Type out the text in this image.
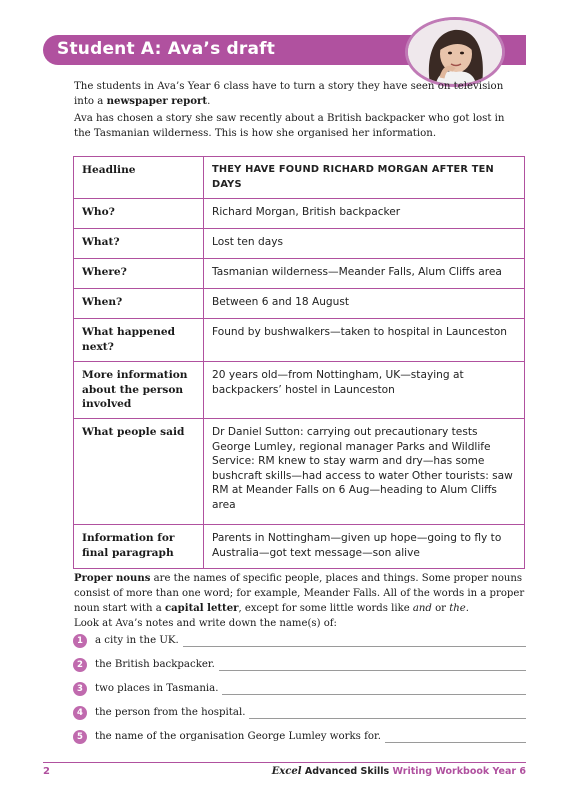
Student A: Ava’s draft
The students in Ava’s Year 6 class have to turn a story they have seen on television into a newspaper report.
Ava has chosen a story she saw recently about a British backpacker who got lost in the Tasmanian wilderness. This is how she organised her information.
Headline	THEY HAVE FOUND RICHARD MORGAN AFTER TEN DAYS
Who?	Richard Morgan, British backpacker
What?	Lost ten days
Where?	Tasmanian wilderness—Meander Falls, Alum Cliffs area
When?	Between 6 and 18 August
What happened next?	Found by bushwalkers—taken to hospital in Launceston
More information about the person involved	20 years old—from Nottingham, UK—staying at backpackers’ hostel in Launceston
What people said	Dr Daniel Sutton: carrying out precautionary tests George Lumley, regional manager Parks and Wildlife Service: RM knew to stay warm and dry—has some bushcraft skills—had access to water Other tourists: saw RM at Meander Falls on 6 Aug—heading to Alum Cliffs area
Information for final paragraph	Parents in Nottingham—given up hope—going to fly to Australia—got text message—son alive
Proper nouns are the names of specific people, places and things. Some proper nouns consist of more than one word; for example, Meander Falls. All of the words in a proper noun start with a capital letter, except for some little words like and or the.
Look at Ava’s notes and write down the name(s) of:
1	a city in the UK.
2	the British backpacker.
3	two places in Tasmania.
4	the person from the hospital.
5	the name of the organisation George Lumley works for.
2	Excel Advanced Skills Writing Workbook Year 6
